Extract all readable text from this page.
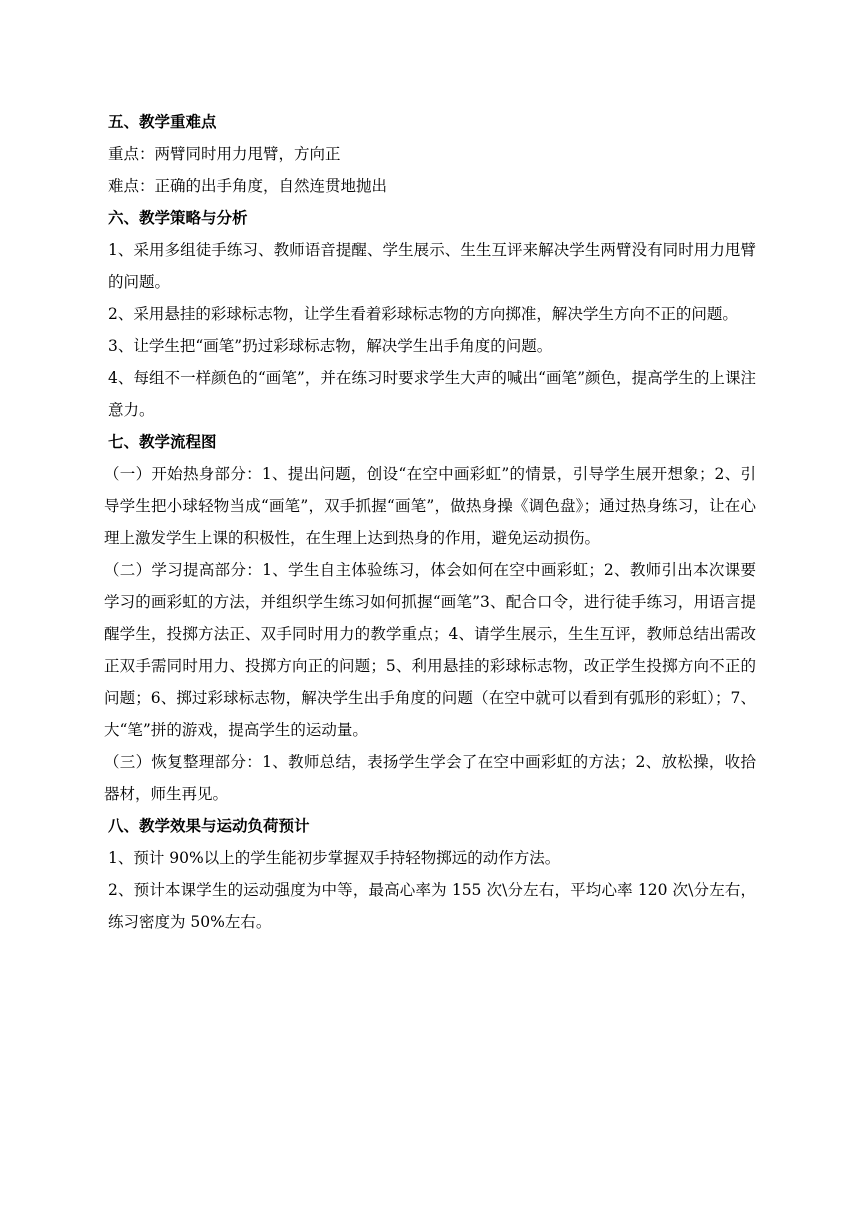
五、教学重难点

重点：两臂同时用力甩臂，方向正

难点：正确的出手角度，自然连贯地抛出

六、教学策略与分析

1、采用多组徒手练习、教师语音提醒、学生展示、生生互评来解决学生两臂没有同时用力甩臂的问题。

2、采用悬挂的彩球标志物，让学生看着彩球标志物的方向掷准，解决学生方向不正的问题。

3、让学生把“画笔”扔过彩球标志物，解决学生出手角度的问题。

4、每组不一样颜色的“画笔”，并在练习时要求学生大声的喊出“画笔”颜色，提高学生的上课注意力。

七、教学流程图

（一）开始热身部分：1、提出问题，创设“在空中画彩虹”的情景，引导学生展开想象；2、引导学生把小球轻物当成“画笔”，双手抓握“画笔”，做热身操《调色盘》；通过热身练习，让在心理上激发学生上课的积极性，在生理上达到热身的作用，避免运动损伤。

（二）学习提高部分：1、学生自主体验练习，体会如何在空中画彩虹；2、教师引出本次课要学习的画彩虹的方法，并组织学生练习如何抓握“画笔”3、配合口令，进行徒手练习，用语言提醒学生，投掷方法正、双手同时用力的教学重点；4、请学生展示，生生互评，教师总结出需改正双手需同时用力、投掷方向正的问题；5、利用悬挂的彩球标志物，改正学生投掷方向不正的问题；6、掷过彩球标志物，解决学生出手角度的问题（在空中就可以看到有弧形的彩虹）；7、大“笔”拼的游戏，提高学生的运动量。

（三）恢复整理部分：1、教师总结，表扬学生学会了在空中画彩虹的方法；2、放松操，收拾器材，师生再见。

八、教学效果与运动负荷预计

1、预计 90%以上的学生能初步掌握双手持轻物掷远的动作方法。

2、预计本课学生的运动强度为中等，最高心率为 155 次\分左右，平均心率 120 次\分左右，练习密度为 50%左右。
